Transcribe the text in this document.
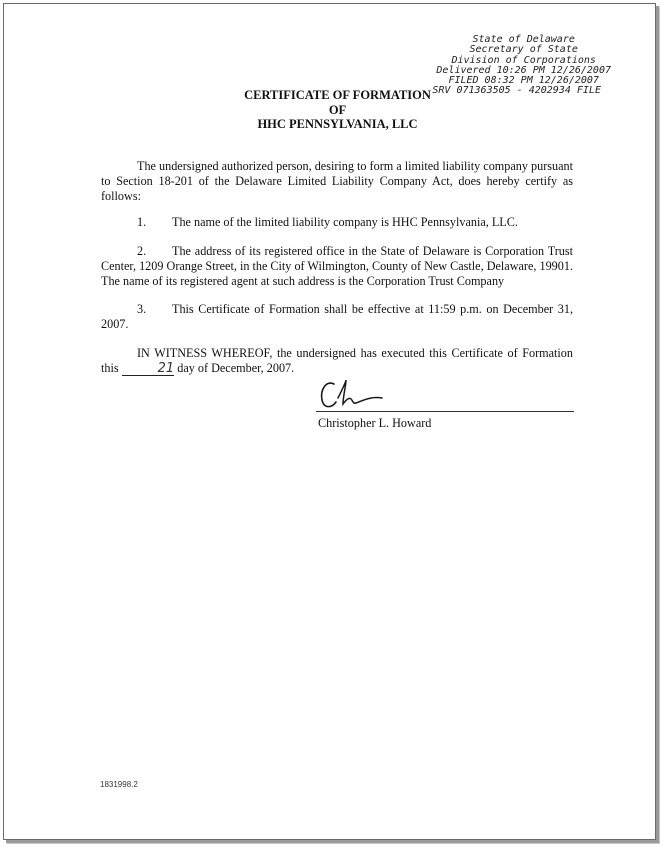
State of Delaware
Secretary of State
Division of Corporations
Delivered 10:26 PM 12/26/2007
FILED 08:32 PM 12/26/2007
SRV 071363505 - 4202934 FILE
CERTIFICATE OF FORMATION
OF
HHC PENNSYLVANIA, LLC

The undersigned authorized person, desiring to form a limited liability company pursuant to Section 18-201 of the Delaware Limited Liability Company Act, does hereby certify as follows:

1. The name of the limited liability company is HHC Pennsylvania, LLC.

2. The address of its registered office in the State of Delaware is Corporation Trust Center, 1209 Orange Street, in the City of Wilmington, County of New Castle, Delaware, 19901. The name of its registered agent at such address is the Corporation Trust Company

3. This Certificate of Formation shall be effective at 11:59 p.m. on December 31, 2007.

IN WITNESS WHEREOF, the undersigned has executed this Certificate of Formation this	21 day of December, 2007.

Christopher L. Howard
1831998.2
